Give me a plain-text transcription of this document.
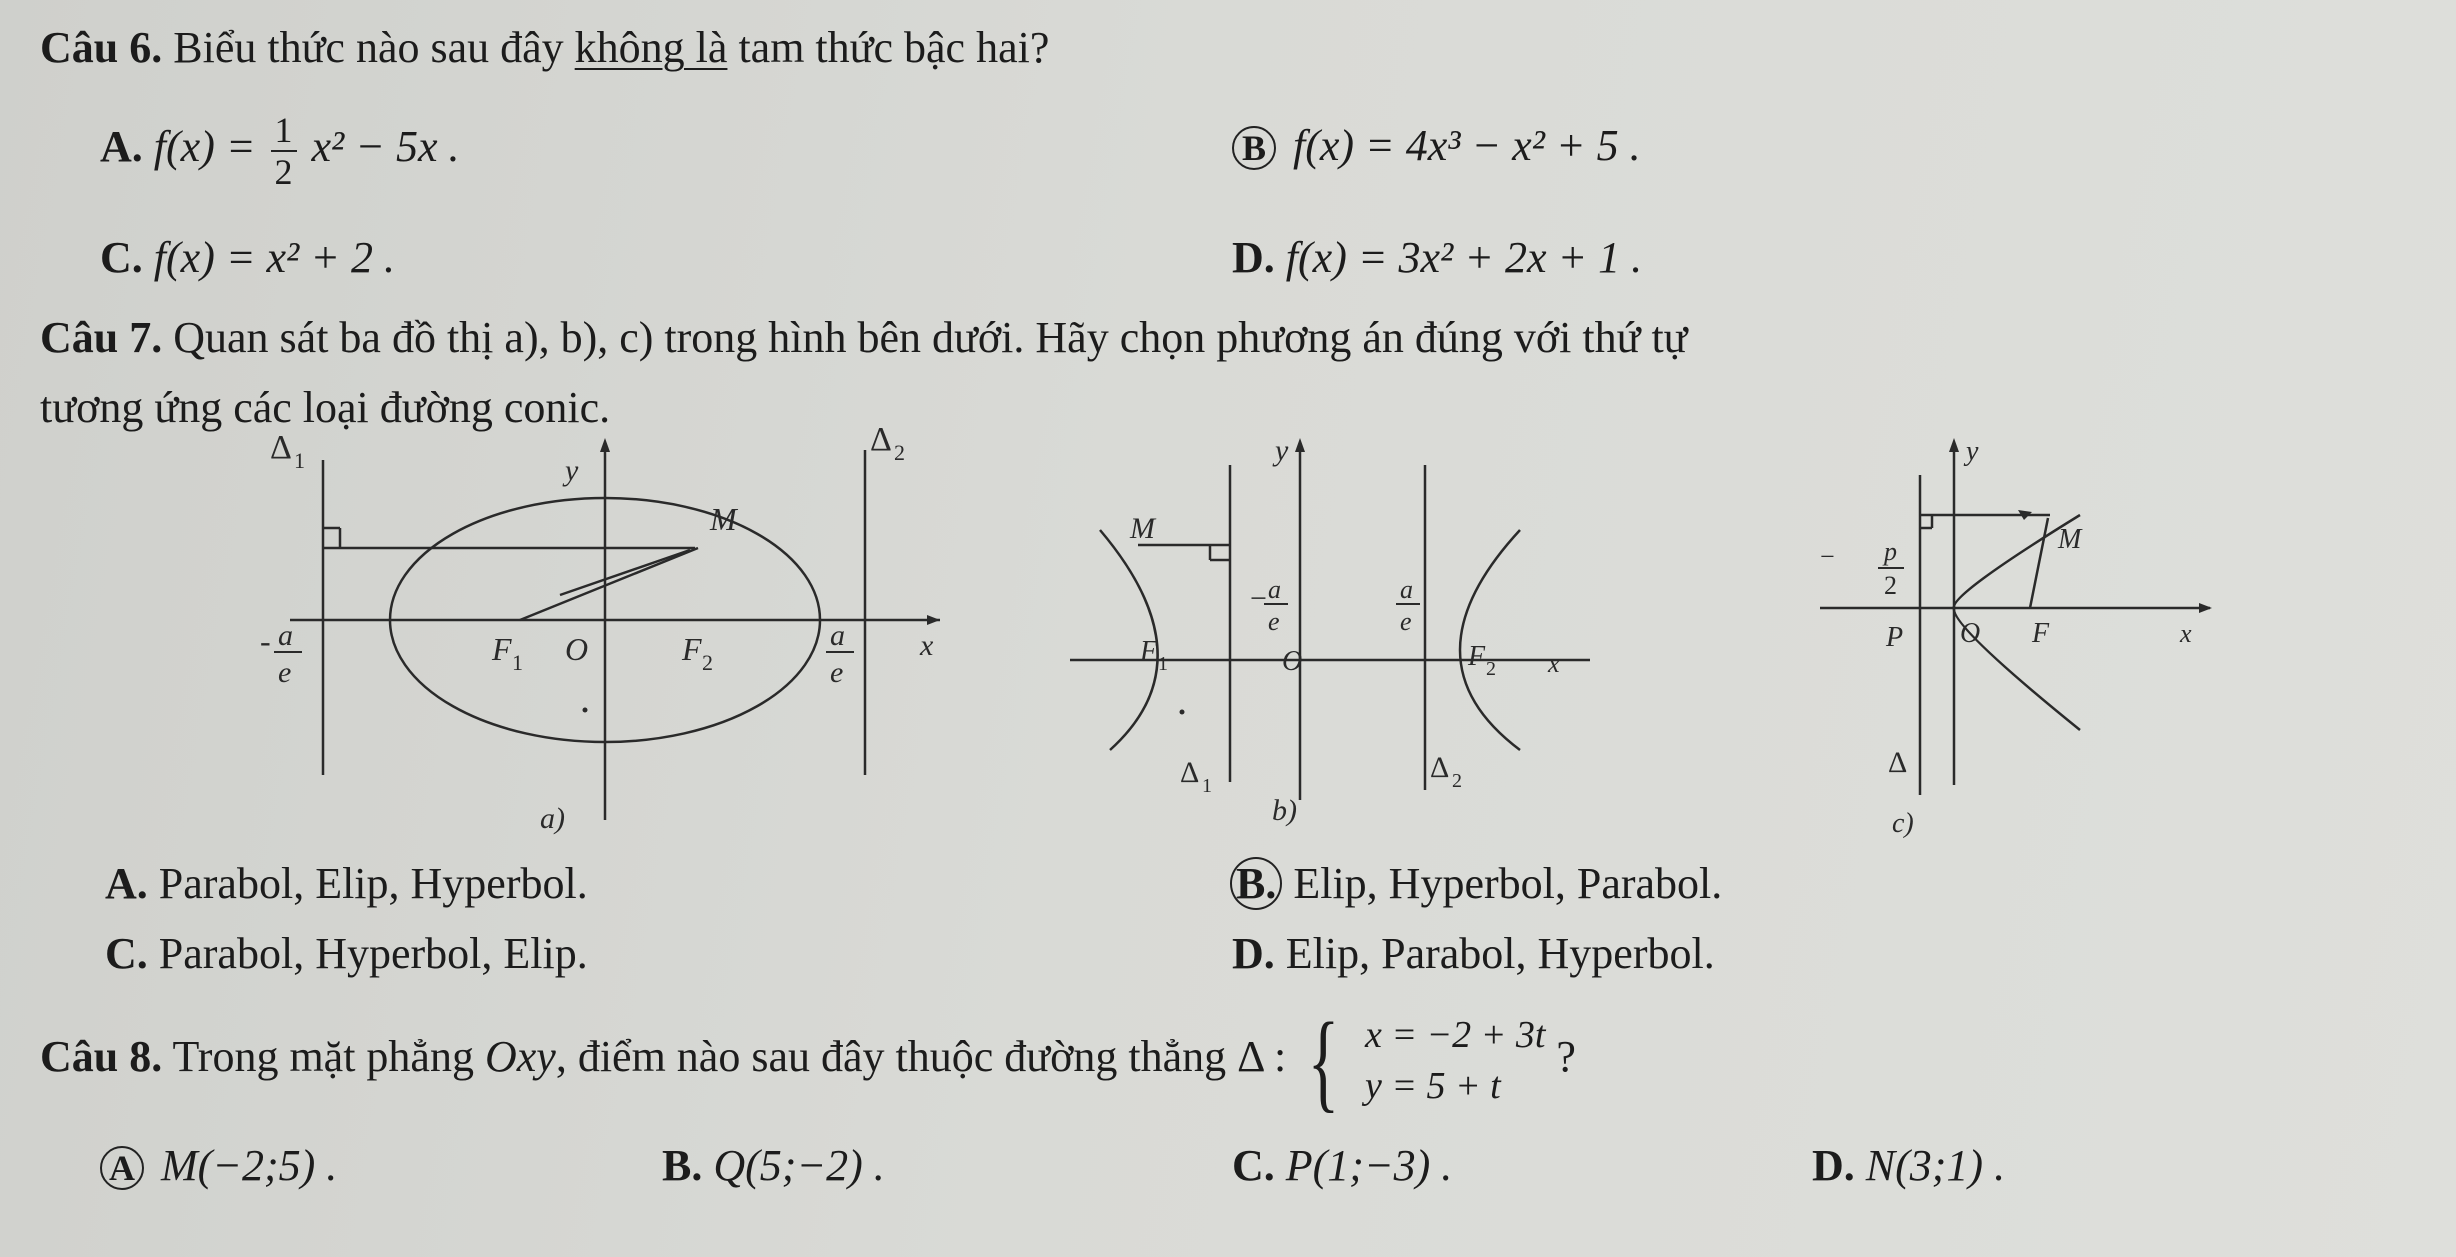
Câu 6. Biểu thức nào sau đây không là tam thức bậc hai?
A. $f(x) = \frac{1}{2} x^2 - 5x$ .	B f(x) = 4x³ − x² + 5 .
C. f(x) = x² + 2 .	D. f(x) = 3x² + 2x + 1 .
Câu 7. Quan sát ba đồ thị a), b), c) trong hình bên dưới. Hãy chọn phương án đúng với thứ tự
tương ứng các loại đường conic.
Δ 1
Δ 2
y
M
- a
e
F 1 O	F 2
a
e
x
a)
y
M
− a
e
a
e
F 1	O	F 2 x
Δ 1
Δ 2
b)
y
M
− p
2
P O F	x
Δ
c)
A. Parabol, Elip, Hyperbol.	B. Elip, Hyperbol, Parabol.
C. Parabol, Hyperbol, Elip.	D. Elip, Parabol, Hyperbol.
Câu 8. Trong mặt phẳng Oxy, điểm nào sau đây thuộc đường thẳng Δ : { x = −2 + 3t
y = 5 + t
?
A M(−2;5) .	B. Q(5;−2) .	C. P(1;−3) .	D. N(3;1) .
